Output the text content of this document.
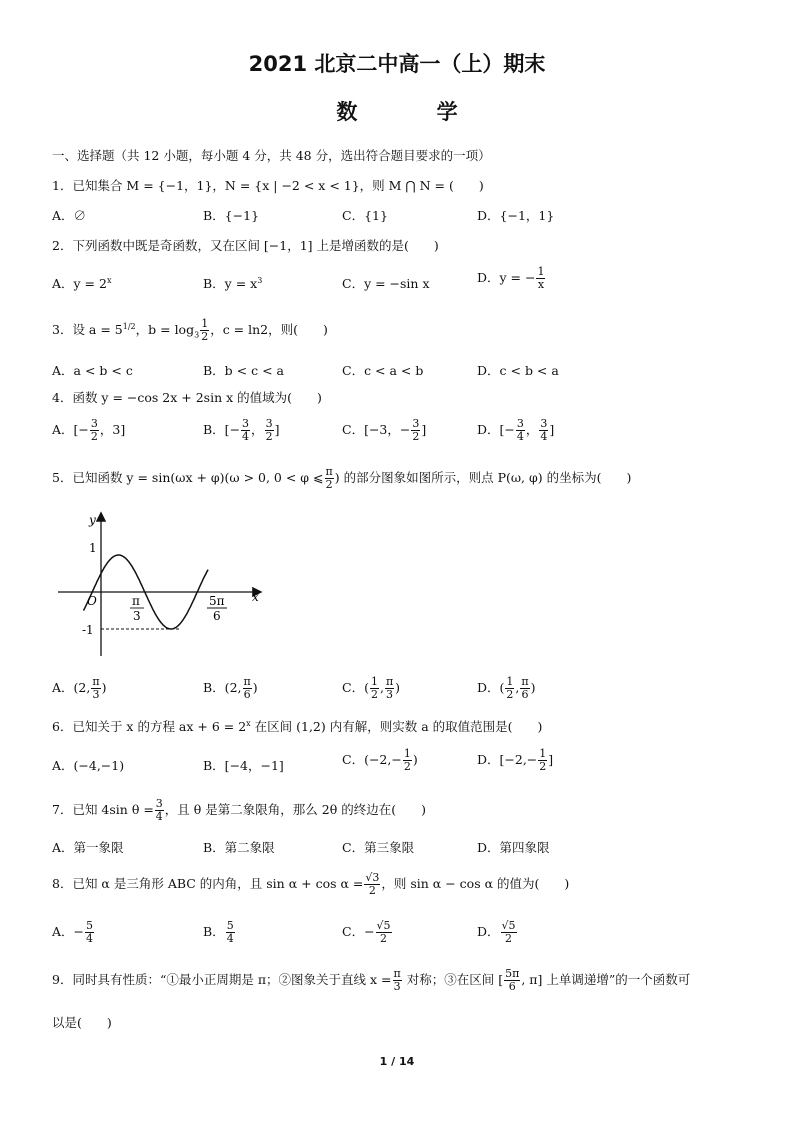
2021 北京二中高一（上）期末
数 学
一、选择题（共 12 小题，每小题 4 分，共 48 分，选出符合题目要求的一项）
1．已知集合 M = {−1，1}，N = {x | −2 < x < 1}，则 M ⋂ N = (　　)
A．∅	B．{−1}	C．{1}	D．{−1，1}
2．下列函数中既是奇函数，又在区间 [−1，1] 上是增函数的是(　　)
A．$y = 2^x$	B．$y = x^3$	C．y = −sin x	D．y = − $\frac{1}{x}$
3．设 $a = 5^{1/2}$，$b = \log_3 \frac{1}{2}$ ，c = ln2，则(　　)
A．a < b < c	B．b < c < a	C．c < a < b	D．c < b < a
4．函数 y = −cos 2x + 2sin x 的值域为(　　)
A．[− $\frac{3}{2}$ ，3]	B．[− $\frac{3}{4}$ ， $\frac{3}{2}$ ]	C．[−3，− $\frac{3}{2}$ ]	D．[− $\frac{3}{4}$ ， $\frac{3}{4}$ ]
5．已知函数 y = sin(ωx + φ)(ω > 0, 0 < φ ⩽ $\frac{\pi}{2}$ ) 的部分图象如图所示，则点 P(ω, φ) 的坐标为(　　)
y
x
O
1
-1
π
3
5π
6
A．(2, $\frac{\pi}{3}$ )	B．(2, $\frac{\pi}{6}$ )	C．( $\frac{1}{2}$ , $\frac{\pi}{3}$ )	D．( $\frac{1}{2}$ , $\frac{\pi}{6}$ )
6．已知关于 x 的方程 ax + $6 = 2^x$ 在区间 (1,2) 内有解，则实数 a 的取值范围是(　　)
A．(−4,−1)	B．[−4，−1]	C．($-2,- \frac{1}{2}$ )	D．[$-2,- \frac{1}{2}$ ]
7．已知 4sin $\theta = \frac{3}{4}$ ，且 θ 是第二象限角，那么 2θ 的终边在(　　)
A．第一象限	B．第二象限	C．第三象限	D．第四象限
8．已知 α 是三角形 ABC 的内角，且 $\sin \alpha + \cos \alpha = \frac{√3}{2}$ ，则 sin α − cos α 的值为(　　)
A．− $\frac{5}{4}$	B． $\frac{5}{4}$	C．− $\frac{√5}{2}$	D． $\frac{√5}{2}$
9．同时具有性质：“①最小正周期是 π；②图象关于直线 $x = \frac{\pi}{3}$ 对称；③在区间 [ $\frac{5\pi}{6}$ , π] 上单调递增”的一个函数可
以是(　　)
1 / 14
